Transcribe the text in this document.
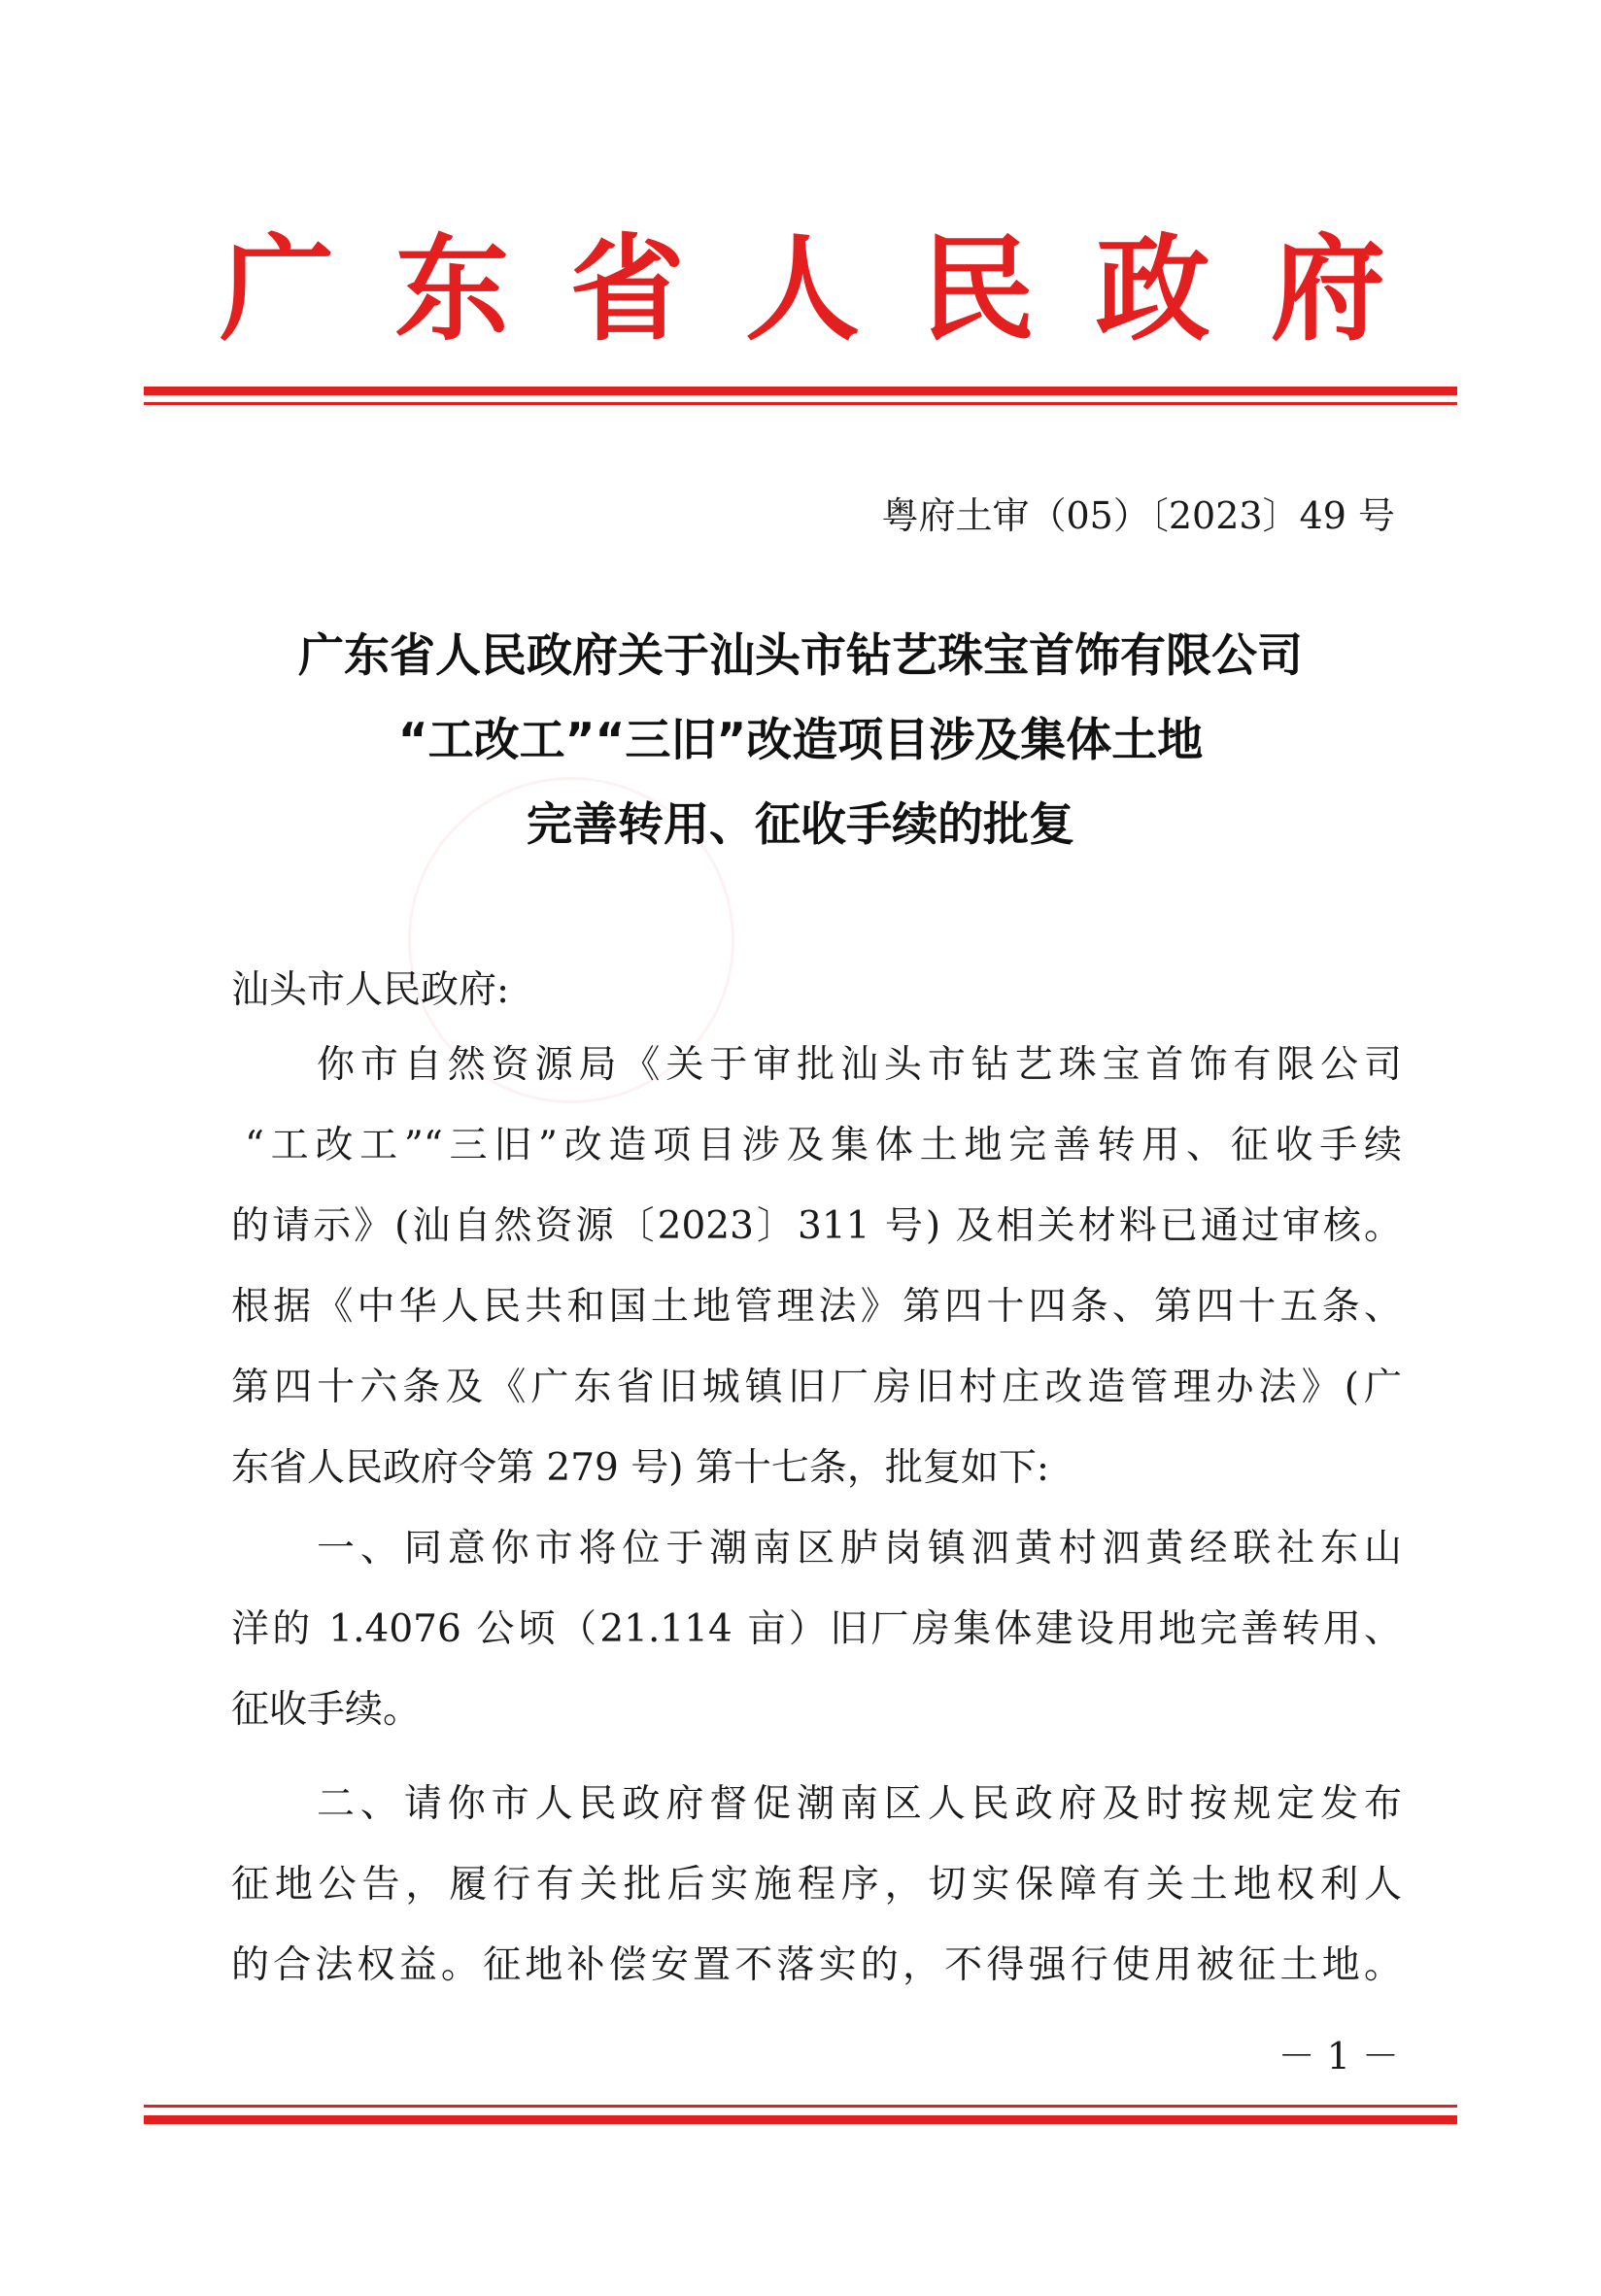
广 东 省 人 民 政 府
粤府土审（05）〔2023〕49 号
广东省人民政府关于汕头市钻艺珠宝首饰有限公司
“工改工”“三旧”改造项目涉及集体土地
完善转用、征收手续的批复
汕头市人民政府:
你市自然资源局《关于审批汕头市钻艺珠宝首饰有限公司
“工改工”“三旧”改造项目涉及集体土地完善转用、征收手续
的请示》(汕自然资源〔2023〕311 号) 及相关材料已通过审核。
根据《中华人民共和国土地管理法》第四十四条、第四十五条、
第四十六条及《广东省旧城镇旧厂房旧村庄改造管理办法》(广
东省人民政府令第 279 号) 第十七条，批复如下:
一、同意你市将位于潮南区胪岗镇泗黄村泗黄经联社东山
洋的 1.4076 公顷（21.114 亩）旧厂房集体建设用地完善转用、
征收手续。
二、请你市人民政府督促潮南区人民政府及时按规定发布
征地公告，履行有关批后实施程序，切实保障有关土地权利人
的合法权益。征地补偿安置不落实的，不得强行使用被征土地。
－ 1 －
